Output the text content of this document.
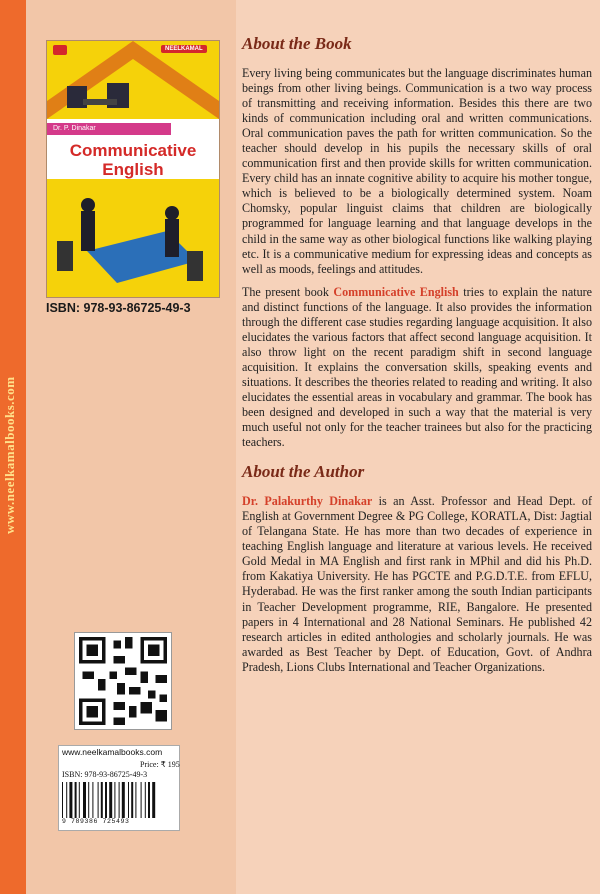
www.neelkamalbooks.com
NEELKAMAL
Dr. P. Dinakar
Communicative
English
ISBN: 978-93-86725-49-3
www.neelkamalbooks.com
Price: ₹ 195
ISBN: 978-93-86725-49-3
9 789386 725493
About the Book

Every living being communicates but the language discriminates human beings from other living beings. Communication is a two way process of transmitting and receiving information. Besides this there are two kinds of communication including oral and written communications. Oral communication paves the path for written communication. So the teacher should develop in his pupils the necessary skills of oral communication first and then provide skills for written communication. Every child has an innate cognitive ability to acquire his mother tongue, which is believed to be a biologically determined system. Noam Chomsky, popular linguist claims that children are biologically programmed for language learning and that language develops in the child in the same way as other biological functions like walking playing etc. It is a communicative medium for expressing ideas and concepts as well as moods, feelings and attitudes.

The present book Communicative English tries to explain the nature and distinct functions of the language. It also provides the information through the different case studies regarding language acquisition. It also elucidates the various factors that affect second language acquisition. It also throw light on the recent paradigm shift in second language acquisition. It explains the conversation skills, speaking events and situations. It describes the theories related to reading and writing. It also elucidates the essential areas in vocabulary and grammar. The book has been designed and developed in such a way that the material is very much useful not only for the teacher trainees but also for the practicing teachers.

About the Author

Dr. Palakurthy Dinakar is an Asst. Professor and Head Dept. of English at Government Degree & PG College, KORATLA, Dist: Jagtial of Telangana State. He has more than two decades of experience in teaching English language and literature at various levels. He received Gold Medal in MA English and first rank in MPhil and did his Ph.D. from Kakatiya University. He has PGCTE and P.G.D.T.E. from EFLU, Hyderabad. He was the first ranker among the south Indian participants in Teacher Development programme, RIE, Bangalore. He presented papers in 4 International and 28 National Seminars. He published 42 research articles in edited anthologies and scholarly journals. He was awarded as Best Teacher by Dept. of Education, Govt. of Andhra Pradesh, Lions Clubs International and Teacher Organizations.
